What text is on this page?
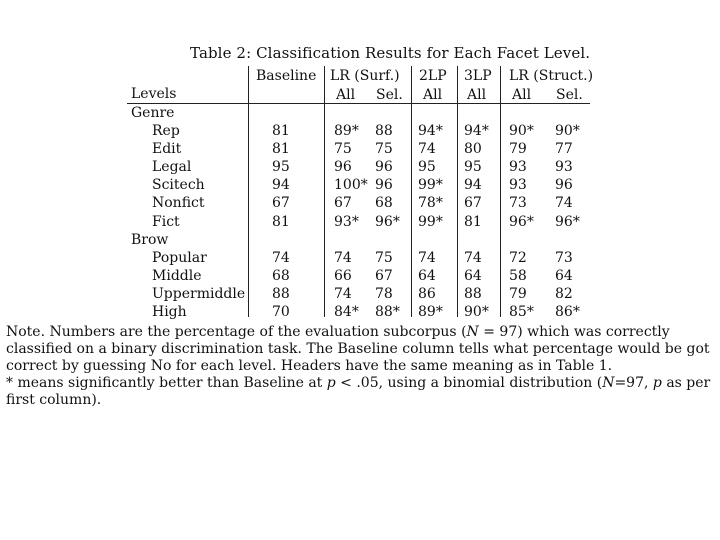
Table 2: Classification Results for Each Facet Level.
Baseline LR (Surf.) 2LP 3LP LR (Struct.)
Levels	All Sel. All All All Sel.
Genre
Rep	81	89* 88 94* 94* 90* 90*
Edit	81	75 75 74 80 79 77
Legal	95	96 96 95 95 93 93
Scitech	94	100* 96 99* 94 93 96
Nonfict	67	67 68 78* 67 73 74
Fict	81	93* 96* 99* 81 96* 96*
Brow
Popular	74	74 75 74 74 72 73
Middle	68	66 67 64 64 58 64
Uppermiddle 88	74 78 86 88 79 82
High	70	84* 88* 89* 90* 85* 86*

Note. Numbers are the percentage of the evaluation subcorpus (N = 97) which was correctly classified on a binary discrimination task. The Baseline column tells what percentage would be got correct by guessing No for each level. Headers have the same meaning as in Table 1.

* means significantly better than Baseline at p < .05, using a binomial distribution (N=97, p as per first column).
